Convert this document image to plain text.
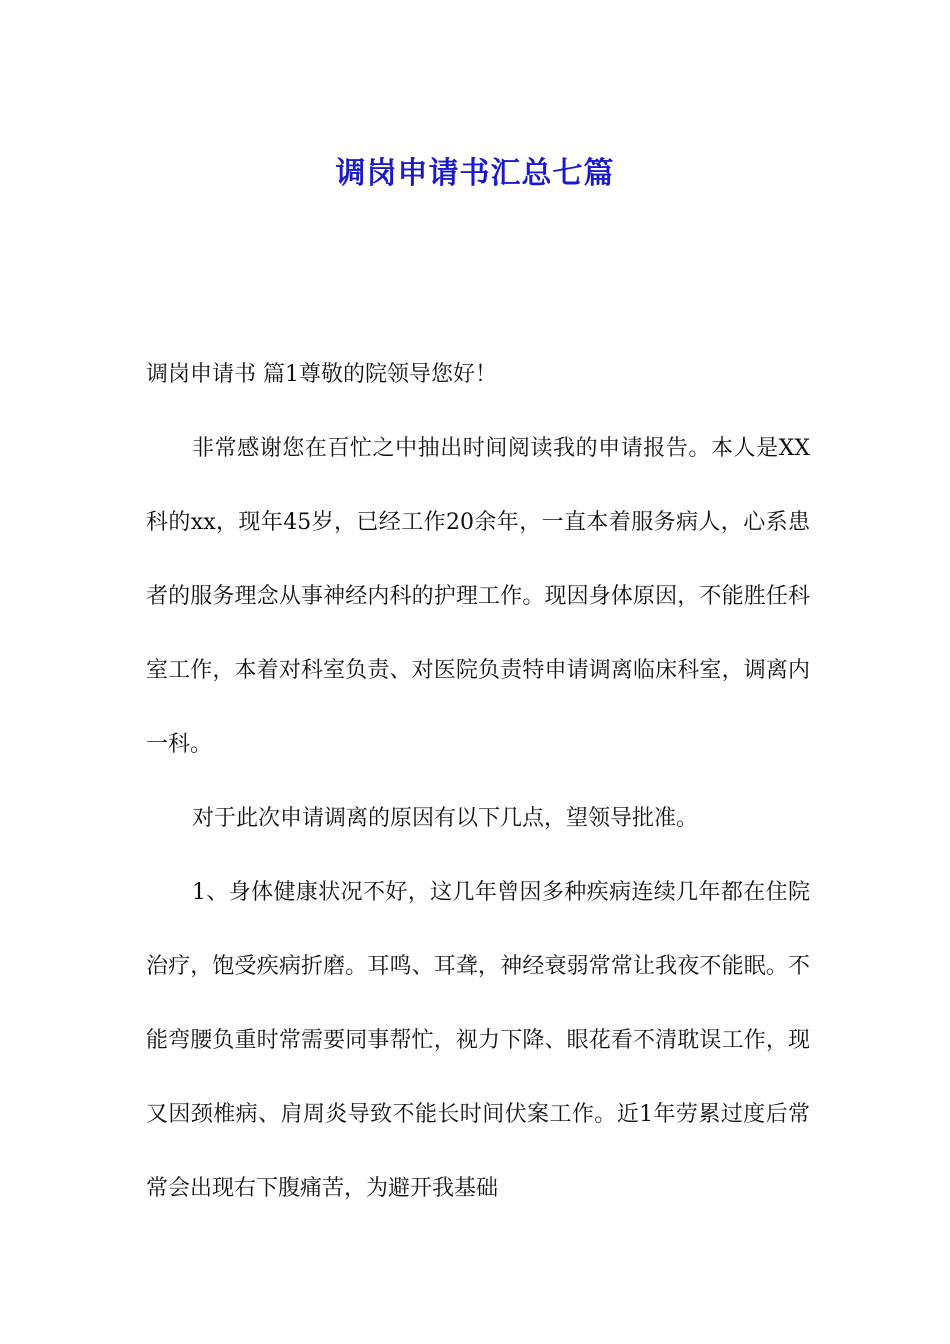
调岗申请书汇总七篇

调岗申请书 篇1尊敬的院领导您好！

非常感谢您在百忙之中抽出时间阅读我的申请报告。本人是XX科的xx，现年45岁，已经工作20余年，一直本着服务病人，心系患者的服务理念从事神经内科的护理工作。现因身体原因，不能胜任科室工作，本着对科室负责、对医院负责特申请调离临床科室，调离内一科。

对于此次申请调离的原因有以下几点，望领导批准。

1、身体健康状况不好，这几年曾因多种疾病连续几年都在住院治疗，饱受疾病折磨。耳鸣、耳聋，神经衰弱常常让我夜不能眠。不能弯腰负重时常需要同事帮忙，视力下降、眼花看不清耽误工作，现又因颈椎病、肩周炎导致不能长时间伏案工作。近1年劳累过度后常常会出现右下腹痛苦，为避开我基础
